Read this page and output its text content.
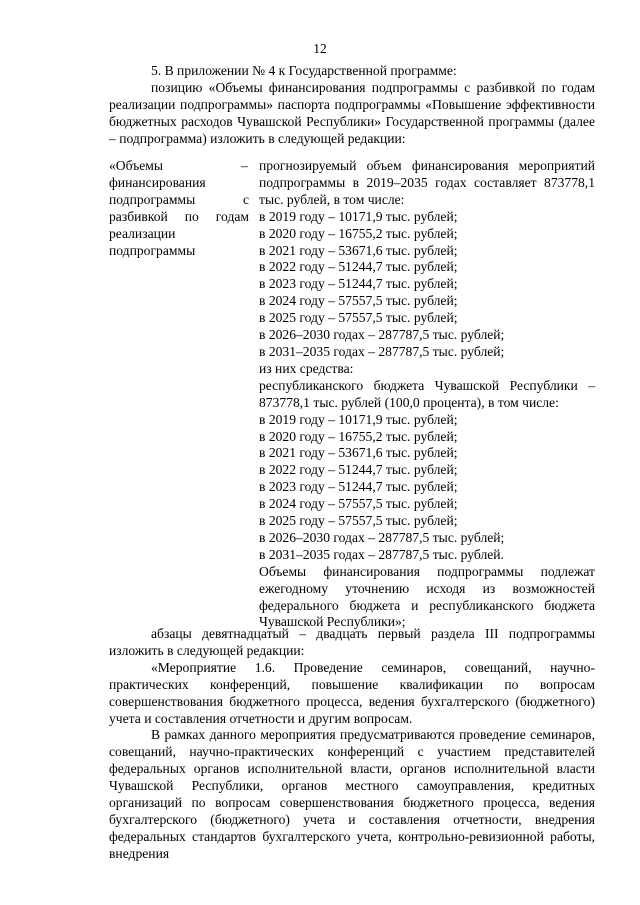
12

5. В приложении № 4 к Государственной программе:

позицию «Объемы финансирования подпрограммы с разбивкой по годам реализации подпрограммы» паспорта подпрограммы «Повышение эффективности бюджетных расходов Чувашской Республики» Государственной программы (далее – подпрограмма) изложить в следующей редакции:

«Объемы финансирования подпрограммы с разбивкой по годам реализации подпрограммы

прогнозируемый объем финансирования мероприятий подпрограммы в 2019–2035 годах составляет 873778,1 тыс. рублей, в том числе:

в 2019 году – 10171,9 тыс. рублей;

в 2020 году – 16755,2 тыс. рублей;

в 2021 году – 53671,6 тыс. рублей;

в 2022 году – 51244,7 тыс. рублей;

в 2023 году – 51244,7 тыс. рублей;

в 2024 году – 57557,5 тыс. рублей;

в 2025 году – 57557,5 тыс. рублей;

в 2026–2030 годах – 287787,5 тыс. рублей;

в 2031–2035 годах – 287787,5 тыс. рублей;

из них средства:

республиканского бюджета Чувашской Республики – 873778,1 тыс. рублей (100,0 процента), в том числе:

в 2019 году – 10171,9 тыс. рублей;

в 2020 году – 16755,2 тыс. рублей;

в 2021 году – 53671,6 тыс. рублей;

в 2022 году – 51244,7 тыс. рублей;

в 2023 году – 51244,7 тыс. рублей;

в 2024 году – 57557,5 тыс. рублей;

в 2025 году – 57557,5 тыс. рублей;

в 2026–2030 годах – 287787,5 тыс. рублей;

в 2031–2035 годах – 287787,5 тыс. рублей.

Объемы финансирования подпрограммы подлежат ежегодному уточнению исходя из возможностей федерального бюджета и республиканского бюджета Чувашской Республики»;

–

абзацы девятнадцатый – двадцать первый раздела III подпрограммы изложить в следующей редакции:

«Мероприятие 1.6. Проведение семинаров, совещаний, научно-практических конференций, повышение квалификации по вопросам совершенствования бюджетного процесса, ведения бухгалтерского (бюджетного) учета и составления отчетности и другим вопросам.

В рамках данного мероприятия предусматриваются проведение семинаров, совещаний, научно-практических конференций с участием представителей федеральных органов исполнительной власти, органов исполнительной власти Чувашской Республики, органов местного самоуправления, кредитных организаций по вопросам совершенствования бюджетного процесса, ведения бухгалтерского (бюджетного) учета и составления отчетности, внедрения федеральных стандартов бухгалтерского учета, контрольно-ревизионной работы, внедрения
